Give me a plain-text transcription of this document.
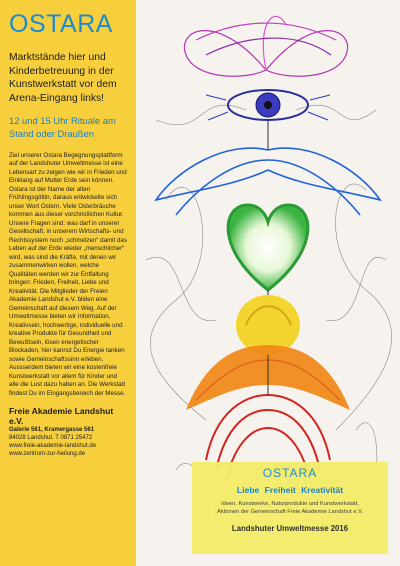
OSTARA

Marktstände hier und Kinderbetreuung in der Kunstwerkstatt vor dem Arena-Eingang links!

12 und 15 Uhr Rituale am Stand oder Draußen

Ziel unserer Ostara Begegnungsplattform auf der Landshuter Umweltmesse ist eine Lebensart zu zeigen wie wir in Frieden und Einklang auf Mutter Erde sein können. Ostara ist der Name der alten Frühlingsgöttin, daraus entwickelte sich unser Wort Ostern. Viele Osterbräuche kommen aus dieser vorchristlichen Kultur. Unsere Fragen sind: was darf in unserer Gesellschaft, in unserem Wirtschafts- und Rechtssystem noch „schmelzen“ damit das Leben auf der Erde wieder „menschlicher“ wird, was sind die Kräfte, mit denen wir zusammenwirken wollen, welche Qualitäten werden wir zur Entfaltung bringen: Frieden, Freiheit, Liebe und Kreativität. Die Mitglieder der Freien Akademie Landshut e.V. bilden eine Gemeinschaft auf diesem Weg. Auf der Umweltmesse bieten wir Information, Kreativsein, hochwertige, individuelle und kreative Produkte für Gesundheit und Bewußtsein, lösen energetischer Blockaden, hier kannst Du Energie tanken sowie Gemeinschaftssinn erleben. Aussserdem bieten wir eine kostenfreie Kunstwerkstatt vor allem für Kinder und alle die Lust dazu haben an. Die Werkstatt findest Du im Eingangsbereich der Messe.

Freie Akademie Landshut e.V.
Galerie 561, Kramergasse 561
84028 Landshut. T 0871 25472
www.freie-akademie-landshut.de
www.zentrum-zur-heilung.de
OSTARA
Liebe Freiheit Kreativität
Ideen, Kunstwerke, Naturprodukte und Kunstwerkstatt,
Aktionen der Gemeinschaft Freie Akademie Landshut e.V.
Landshuter Umweltmesse 2016
